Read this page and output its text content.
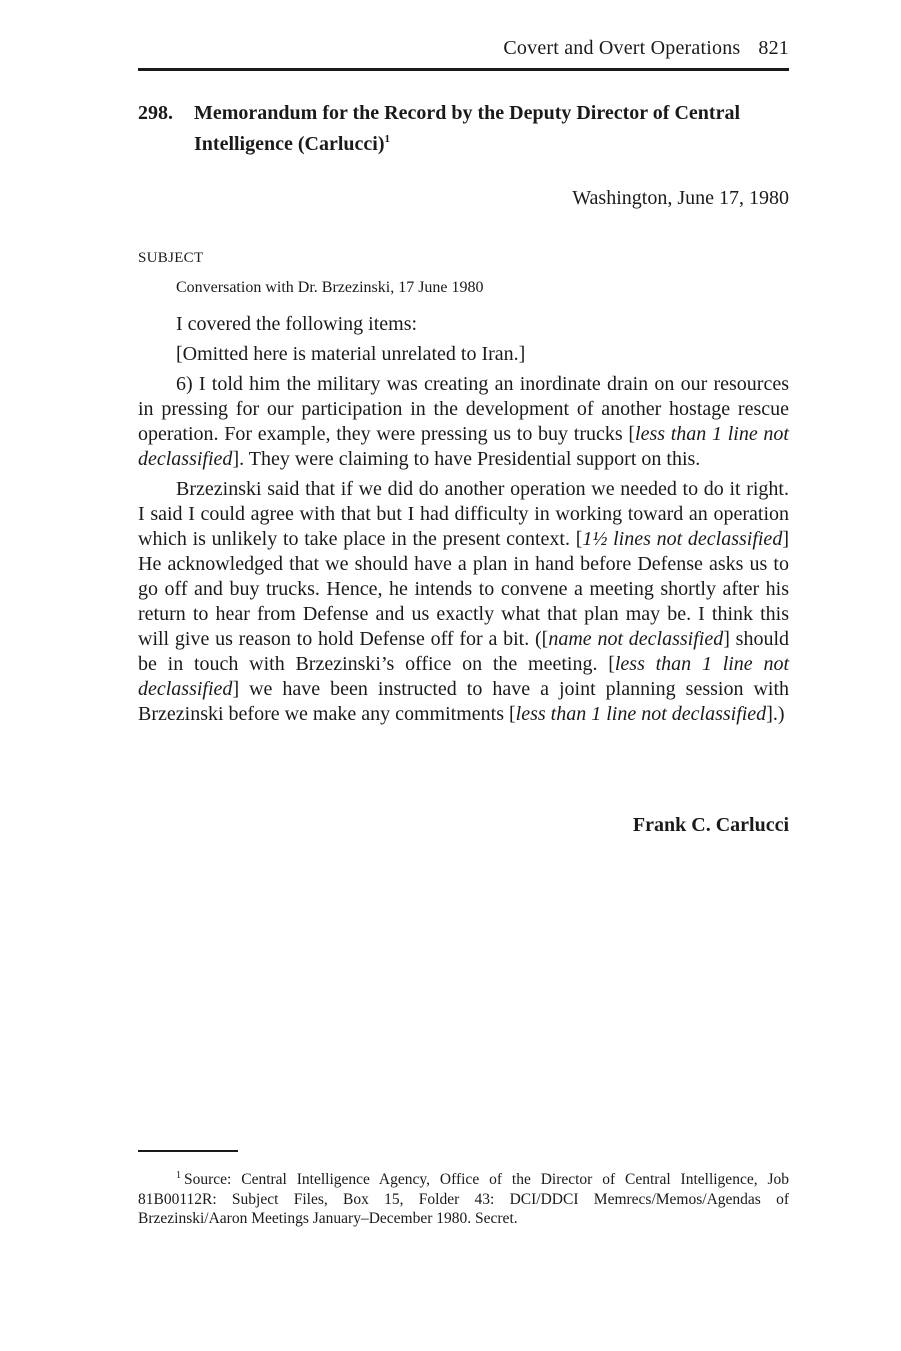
Covert and Overt Operations 821
298. Memorandum for the Record by the Deputy Director of Central Intelligence (Carlucci)$^1$
Washington, June 17, 1980
SUBJECT
Conversation with Dr. Brzezinski, 17 June 1980

I covered the following items:

[Omitted here is material unrelated to Iran.]

6) I told him the military was creating an inordinate drain on our resources in pressing for our participation in the development of another hostage rescue operation. For example, they were pressing us to buy trucks [less than 1 line not declassified]. They were claiming to have Presidential support on this.

Brzezinski said that if we did do another operation we needed to do it right. I said I could agree with that but I had difficulty in working toward an operation which is unlikely to take place in the present context. [1½ lines not declassified] He acknowledged that we should have a plan in hand before Defense asks us to go off and buy trucks. Hence, he intends to convene a meeting shortly after his return to hear from Defense and us exactly what that plan may be. I think this will give us reason to hold Defense off for a bit. ([name not declassified] should be in touch with Brzezinski’s office on the meeting. [less than 1 line not declassified] we have been instructed to have a joint planning session with Brzezinski before we make any commitments [less than 1 line not declassified].)

Frank C. Carlucci

$^1$ Source: Central Intelligence Agency, Office of the Director of Central Intelligence, Job 81B00112R: Subject Files, Box 15, Folder 43: DCI/DDCI Memrecs/Memos/Agendas of Brzezinski/Aaron Meetings January–December 1980. Secret.
